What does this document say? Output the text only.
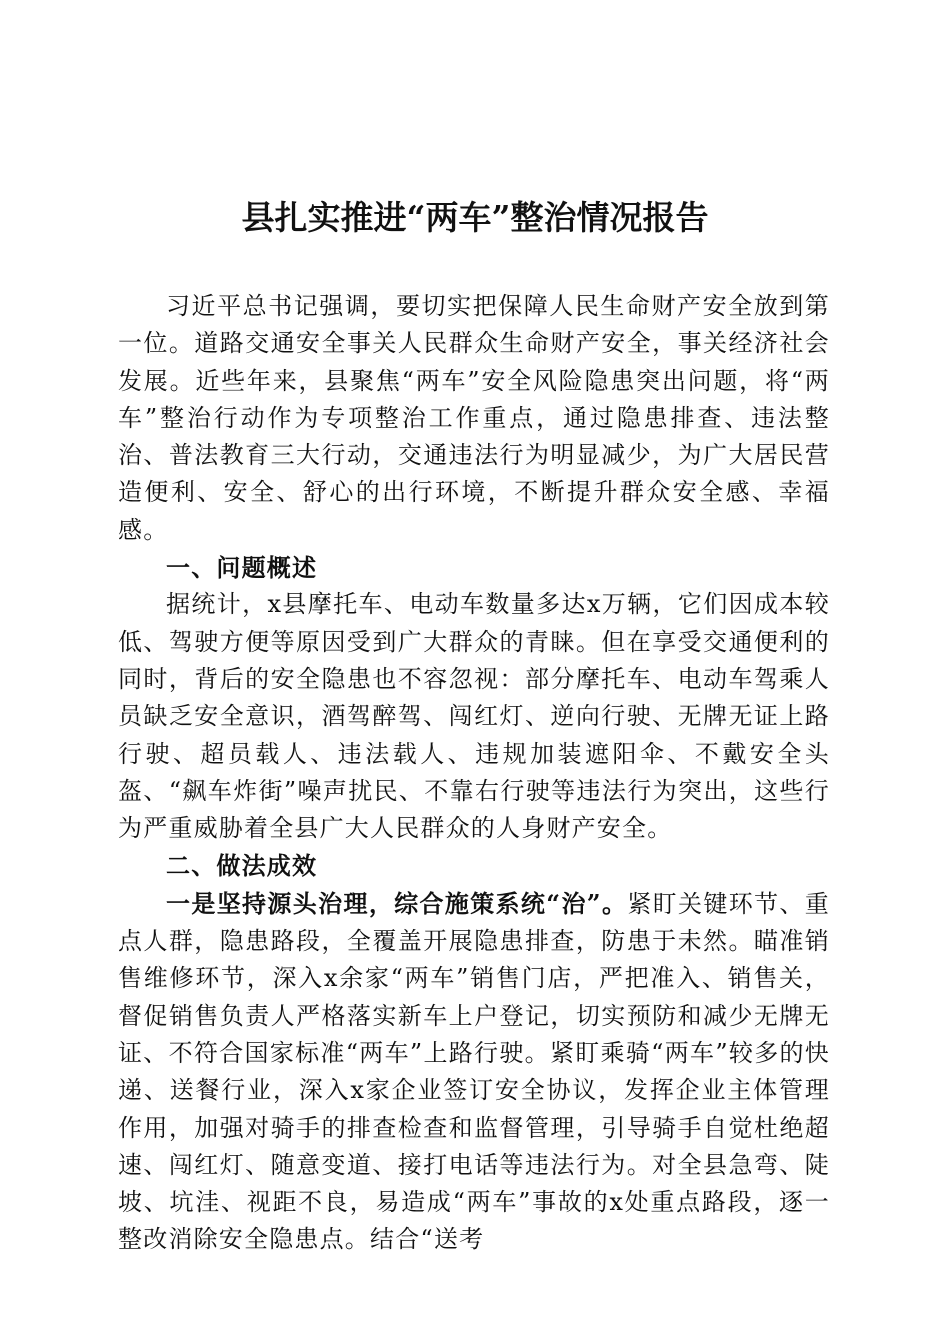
县扎实推进“两车”整治情况报告

习近平总书记强调，要切实把保障人民生命财产安全放到第一位。道路交通安全事关人民群众生命财产安全，事关经济社会发展。近些年来，县聚焦“两车”安全风险隐患突出问题，将“两车”整治行动作为专项整治工作重点，通过隐患排查、违法整治、普法教育三大行动，交通违法行为明显减少，为广大居民营造便利、安全、舒心的出行环境，不断提升群众安全感、幸福感。

一、问题概述

据统计，x县摩托车、电动车数量多达x万辆，它们因成本较低、驾驶方便等原因受到广大群众的青睐。但在享受交通便利的同时，背后的安全隐患也不容忽视：部分摩托车、电动车驾乘人员缺乏安全意识，酒驾醉驾、闯红灯、逆向行驶、无牌无证上路行驶、超员载人、违法载人、违规加装遮阳伞、不戴安全头盔、“飙车炸街”噪声扰民、不靠右行驶等违法行为突出，这些行为严重威胁着全县广大人民群众的人身财产安全。

二、做法成效

一是坚持源头治理，综合施策系统“治”。紧盯关键环节、重点人群，隐患路段，全覆盖开展隐患排查，防患于未然。瞄准销售维修环节，深入x余家“两车”销售门店，严把准入、销售关，督促销售负责人严格落实新车上户登记，切实预防和减少无牌无证、不符合国家标准“两车”上路行驶。紧盯乘骑“两车”较多的快递、送餐行业，深入x家企业签订安全协议，发挥企业主体管理作用，加强对骑手的排查检查和监督管理，引导骑手自觉杜绝超速、闯红灯、随意变道、接打电话等违法行为。对全县急弯、陡坡、坑洼、视距不良，易造成“两车”事故的x处重点路段，逐一整改消除安全隐患点。结合“送考
